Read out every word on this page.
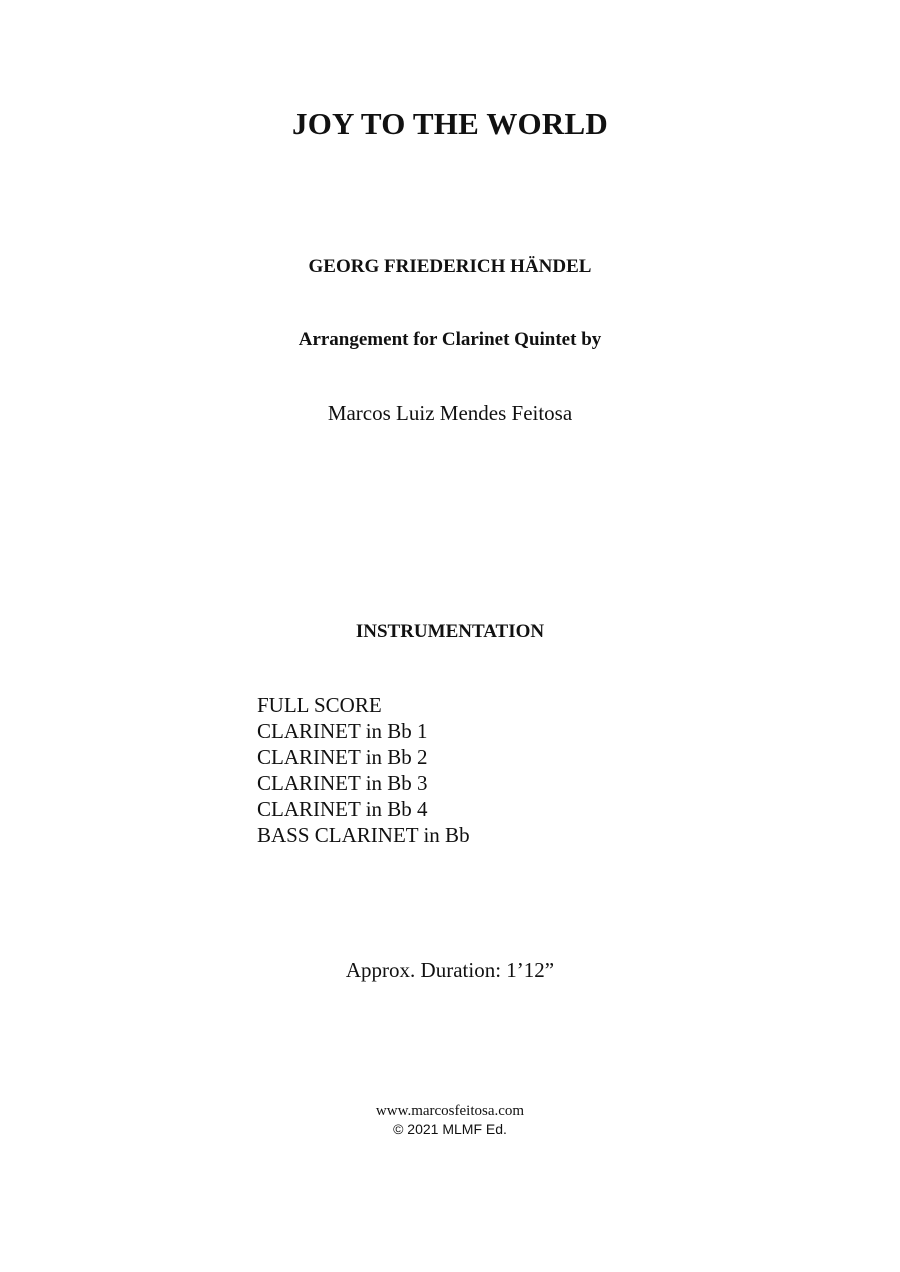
JOY TO THE WORLD
GEORG FRIEDERICH HÄNDEL
Arrangement for Clarinet Quintet by
Marcos Luiz Mendes Feitosa
INSTRUMENTATION
FULL SCORE
CLARINET in Bb 1
CLARINET in Bb 2
CLARINET in Bb 3
CLARINET in Bb 4
BASS CLARINET in Bb
Approx. Duration: 1’12”
www.marcosfeitosa.com
© 2021 MLMF Ed.
